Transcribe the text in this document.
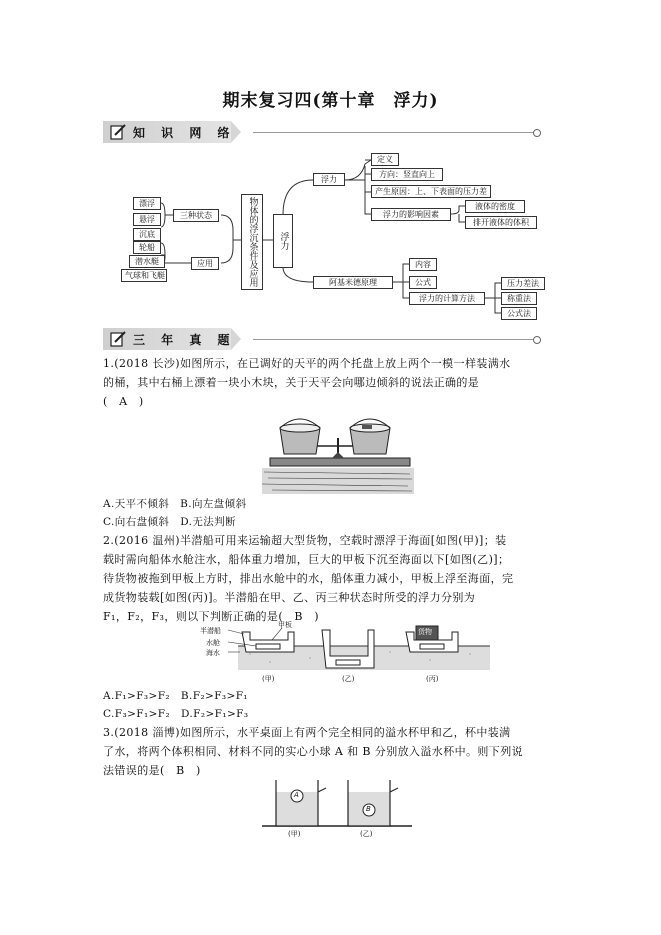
期末复习四(第十章　浮力)
知 识 网 络
漂浮
悬浮
沉底
轮船
潜水艇
气球和飞艇
三种状态
应用	物体的浮沉条件及应用	浮力
浮力
定义
方向：竖直向上
产生原因：上、下表面的压力差
浮力的影响因素
液体的密度
排开液体的体积
阿基米德原理
内容
公式
浮力的计算方法
压力差法
称重法
公式法
三 年 真 题

1.(2018 长沙)如图所示，在已调好的天平的两个托盘上放上两个一模一样装满水

的桶，其中右桶上漂着一块小木块，关于天平会向哪边倾斜的说法正确的是

(　A　)

A.天平不倾斜　B.向左盘倾斜

C.向右盘倾斜　D.无法判断

2.(2016 温州)半潜船可用来运输超大型货物，空载时漂浮于海面[如图(甲)]；装

载时需向船体水舱注水，船体重力增加，巨大的甲板下沉至海面以下[如图(乙)]；

待货物被拖到甲板上方时，排出水舱中的水，船体重力减小，甲板上浮至海面，完

成货物装载[如图(丙)]。半潜船在甲、乙、丙三种状态时所受的浮力分别为

F₁，F₂，F₃，则以下判断正确的是(　B　)

半潜船
甲板
水舱
海水
货物
(甲)	(乙)	(丙)

A.F₁>F₃>F₂　B.F₂>F₃>F₁

C.F₃>F₁>F₂　D.F₂>F₁>F₃

3.(2018 淄博)如图所示，水平桌面上有两个完全相同的溢水杯甲和乙，杯中装满

了水，将两个体积相同、材料不同的实心小球 A 和 B 分别放入溢水杯中。则下列说

法错误的是(　B　)

A
B
(甲)	(乙)
